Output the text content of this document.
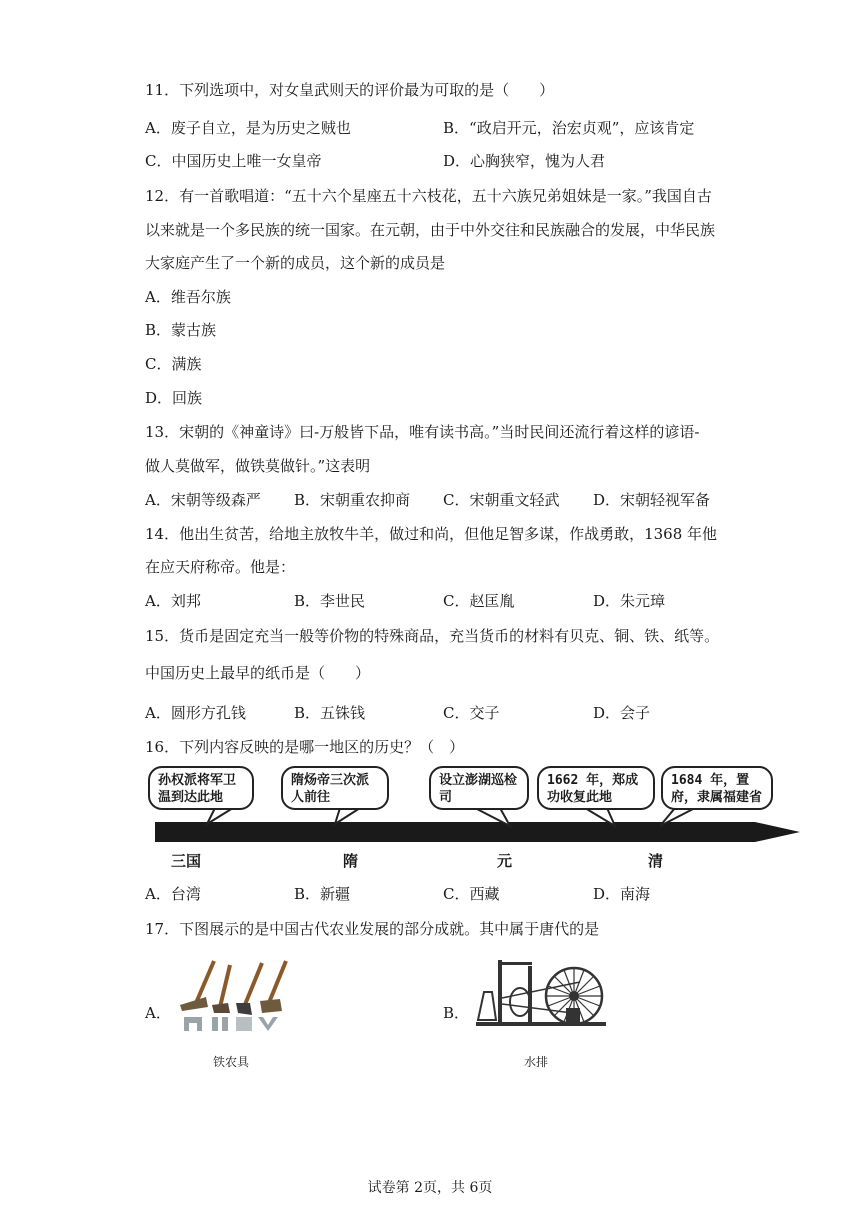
11．下列选项中，对女皇武则天的评价最为可取的是（　　）
A．废子自立，是为历史之贼也	B．“政启开元，治宏贞观”，应该肯定
C．中国历史上唯一女皇帝	D．心胸狭窄，愧为人君
12．有一首歌唱道：“五十六个星座五十六枝花，五十六族兄弟姐妹是一家。”我国自古
以来就是一个多民族的统一国家。在元朝，由于中外交往和民族融合的发展，中华民族
大家庭产生了一个新的成员，这个新的成员是
A．维吾尔族
B．蒙古族
C．满族
D．回族
13．宋朝的《神童诗》曰-万般皆下品，唯有读书高。”当时民间还流行着这样的谚语-
做人莫做军，做铁莫做针。”这表明
A．宋朝等级森严 B．宋朝重农抑商 C．宋朝重文轻武 D．宋朝轻视军备
14．他出生贫苦，给地主放牧牛羊，做过和尚，但他足智多谋，作战勇敢，1368 年他
在应天府称帝。他是：
A．刘邦	B．李世民	C．赵匡胤	D．朱元璋
15．货币是固定充当一般等价物的特殊商品，充当货币的材料有贝克、铜、铁、纸等。
中国历史上最早的纸币是（　　）
A．圆形方孔钱	B．五铢钱	C．交子	D．会子
16．下列内容反映的是哪一地区的历史？（　）
孙权派将军卫温到达此地
隋炀帝三次派人前往
设立澎湖巡检司
1662 年，郑成功收复此地
1684 年，置府，隶属福建省
三国	隋	元	清
A．台湾	B．新疆	C．西藏	D．南海
17．下图展示的是中国古代农业发展的部分成就。其中属于唐代的是
A．
铁农具
B．
水排
试卷第 2页，共 6页
